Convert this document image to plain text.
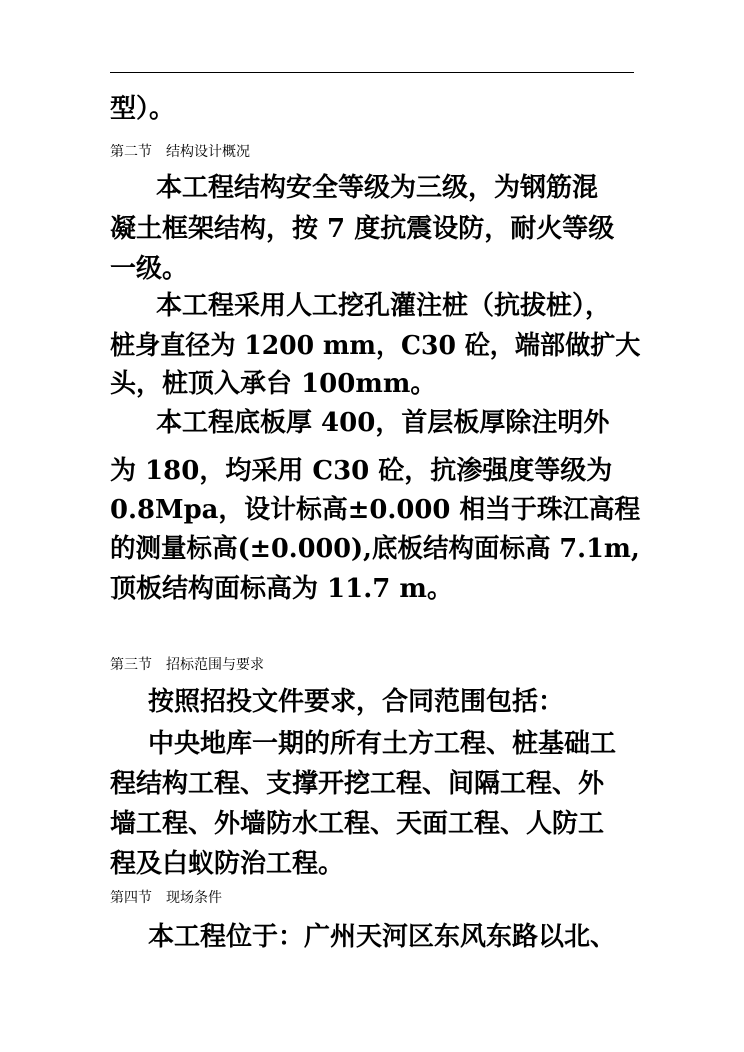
型）。
第二节　结构设计概况
本工程结构安全等级为三级，为钢筋混
凝土框架结构，按 7 度抗震设防，耐火等级
一级。
本工程采用人工挖孔灌注桩（抗拔桩），
桩身直径为 1200 mm，C30 砼，端部做扩大
头，桩顶入承台 100mm。
本工程底板厚 400，首层板厚除注明外
为 180，均采用 C30 砼，抗渗强度等级为
0.8Mpa，设计标高±0.000 相当于珠江高程
的测量标高(±0.000),底板结构面标高 7.1m,
顶板结构面标高为 11.7 m。
第三节　招标范围与要求
按照招投文件要求，合同范围包括：
中央地库一期的所有土方工程、桩基础工
程结构工程、支撑开挖工程、间隔工程、外
墙工程、外墙防水工程、天面工程、人防工
程及白蚁防治工程。
第四节　现场条件
本工程位于：广州天河区东风东路以北、
